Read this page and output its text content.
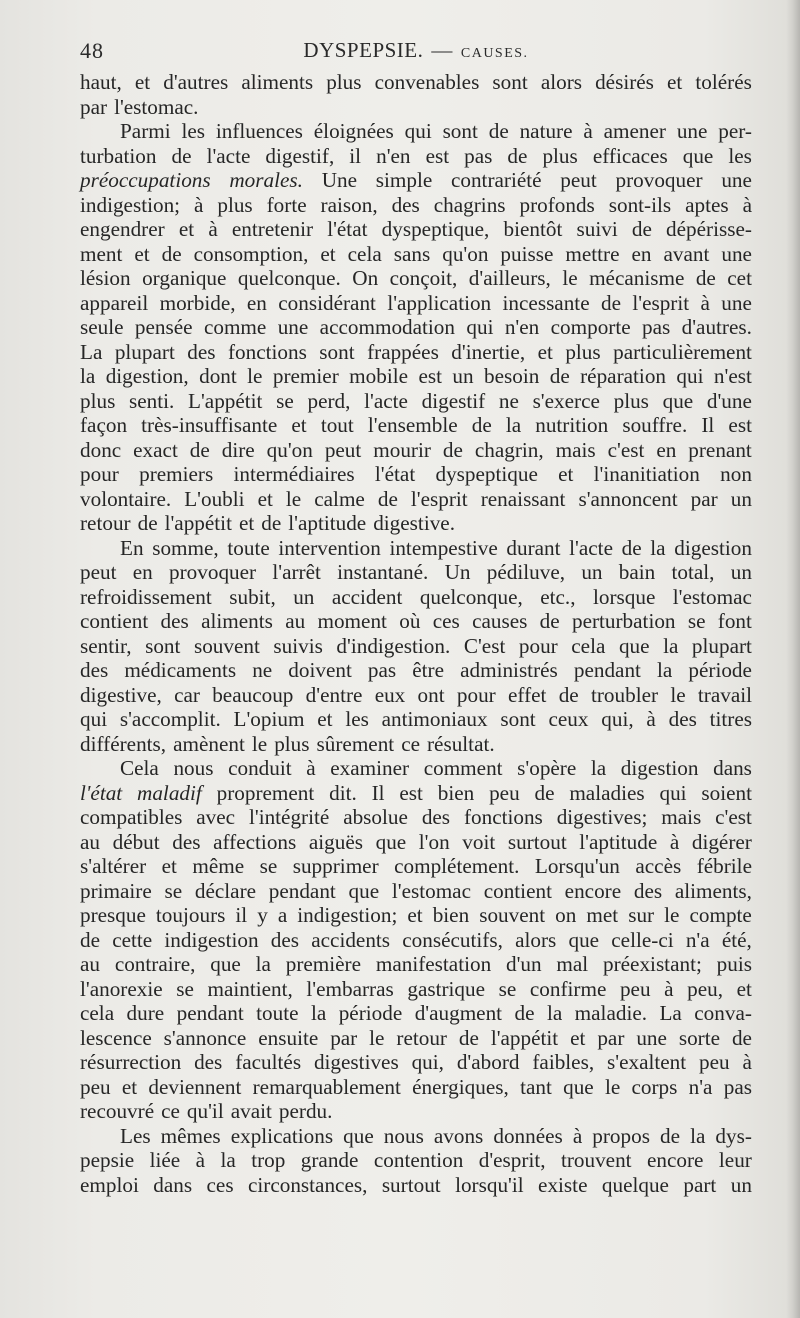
48	DYSPEPSIE. — CAUSES.
haut, et d'autres aliments plus convenables sont alors désirés et tolérés
par l'estomac.
Parmi les influences éloignées qui sont de nature à amener une per-
turbation de l'acte digestif, il n'en est pas de plus efficaces que les
préoccupations morales. Une simple contrariété peut provoquer une
indigestion; à plus forte raison, des chagrins profonds sont-ils aptes à
engendrer et à entretenir l'état dyspeptique, bientôt suivi de dépérisse-
ment et de consomption, et cela sans qu'on puisse mettre en avant une
lésion organique quelconque. On conçoit, d'ailleurs, le mécanisme de cet
appareil morbide, en considérant l'application incessante de l'esprit à une
seule pensée comme une accommodation qui n'en comporte pas d'autres.
La plupart des fonctions sont frappées d'inertie, et plus particulièrement
la digestion, dont le premier mobile est un besoin de réparation qui n'est
plus senti. L'appétit se perd, l'acte digestif ne s'exerce plus que d'une
façon très-insuffisante et tout l'ensemble de la nutrition souffre. Il est
donc exact de dire qu'on peut mourir de chagrin, mais c'est en prenant
pour premiers intermédiaires l'état dyspeptique et l'inanitiation non
volontaire. L'oubli et le calme de l'esprit renaissant s'annoncent par un
retour de l'appétit et de l'aptitude digestive.
En somme, toute intervention intempestive durant l'acte de la digestion
peut en provoquer l'arrêt instantané. Un pédiluve, un bain total, un
refroidissement subit, un accident quelconque, etc., lorsque l'estomac
contient des aliments au moment où ces causes de perturbation se font
sentir, sont souvent suivis d'indigestion. C'est pour cela que la plupart
des médicaments ne doivent pas être administrés pendant la période
digestive, car beaucoup d'entre eux ont pour effet de troubler le travail
qui s'accomplit. L'opium et les antimoniaux sont ceux qui, à des titres
différents, amènent le plus sûrement ce résultat.
Cela nous conduit à examiner comment s'opère la digestion dans
l'état maladif proprement dit. Il est bien peu de maladies qui soient
compatibles avec l'intégrité absolue des fonctions digestives; mais c'est
au début des affections aiguës que l'on voit surtout l'aptitude à digérer
s'altérer et même se supprimer complétement. Lorsqu'un accès fébrile
primaire se déclare pendant que l'estomac contient encore des aliments,
presque toujours il y a indigestion; et bien souvent on met sur le compte
de cette indigestion des accidents consécutifs, alors que celle-ci n'a été,
au contraire, que la première manifestation d'un mal préexistant; puis
l'anorexie se maintient, l'embarras gastrique se confirme peu à peu, et
cela dure pendant toute la période d'augment de la maladie. La conva-
lescence s'annonce ensuite par le retour de l'appétit et par une sorte de
résurrection des facultés digestives qui, d'abord faibles, s'exaltent peu à
peu et deviennent remarquablement énergiques, tant que le corps n'a pas
recouvré ce qu'il avait perdu.
Les mêmes explications que nous avons données à propos de la dys-
pepsie liée à la trop grande contention d'esprit, trouvent encore leur
emploi dans ces circonstances, surtout lorsqu'il existe quelque part un
